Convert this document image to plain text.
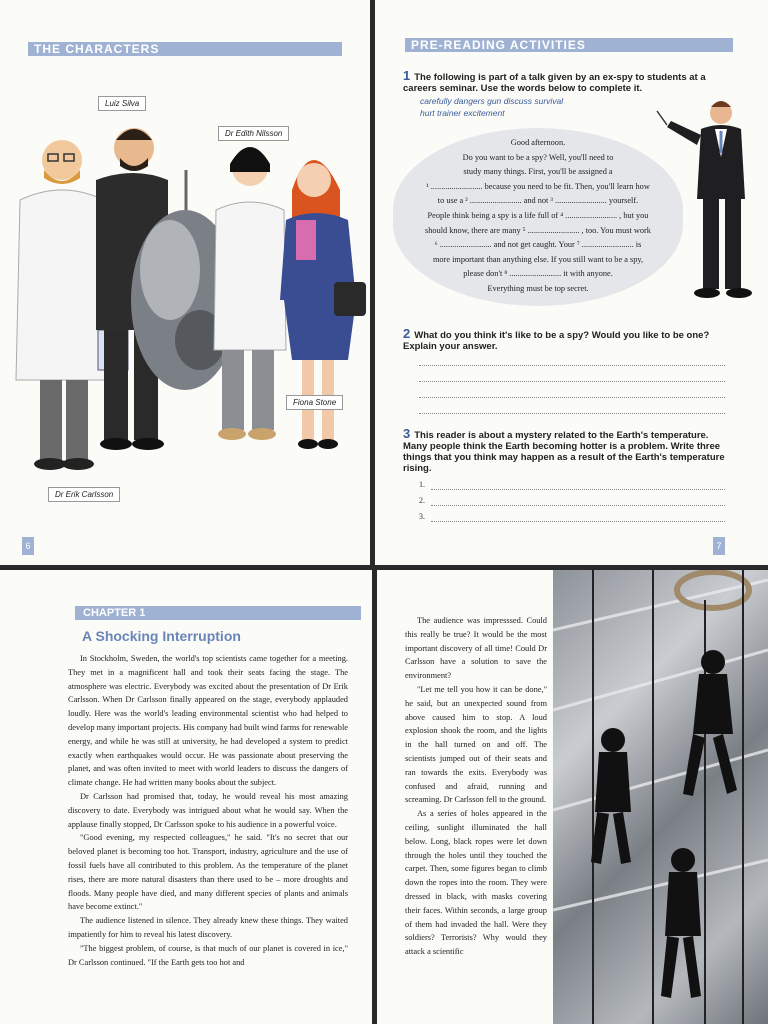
THE CHARACTERS
Luiz Silva
Dr Edith Nilsson
Fiona Stone
Dr Erik Carlsson
6
PRE-READING ACTIVITIES
1 The following is part of a talk given by an ex-spy to students at a careers seminar. Use the words below to complete it.
carefully dangers gun discuss survival
hurt trainer excitement
Good afternoon.
Do you want to be a spy? Well, you'll need to
study many things. First, you'll be assigned a
¹ ......................... because you need to be fit. Then, you'll learn how
to use a ² ......................... and not ³ ......................... yourself.
People think being a spy is a life full of ⁴ ......................... , but you
should know, there are many ⁵ ......................... , too. You must work
⁶ ......................... and not get caught. Your ⁷ ......................... is
more important than anything else. If you still want to be a spy,
please don't ⁸ ......................... it with anyone.
Everything must be top secret.
2 What do you think it's like to be a spy? Would you like to be one? Explain your answer.
3 This reader is about a mystery related to the Earth's temperature. Many people think the Earth becoming hotter is a problem. Write three things that you think may happen as a result of the Earth's temperature rising.
1.
2.
3.
7
CHAPTER 1
A Shocking Interruption

In Stockholm, Sweden, the world's top scientists came together for a meeting. They met in a magnificent hall and took their seats facing the stage. The atmosphere was electric. Everybody was excited about the presentation of Dr Erik Carlsson. When Dr Carlsson finally appeared on the stage, everybody applauded loudly. Here was the world's leading environmental scientist who had helped to develop many important projects. His company had built wind farms for renewable energy, and while he was still at university, he had developed a system to predict exactly when earthquakes would occur. He was passionate about preserving the planet, and was often invited to meet with world leaders to discuss the dangers of climate change. He had written many books about the subject.

Dr Carlsson had promised that, today, he would reveal his most amazing discovery to date. Everybody was intrigued about what he would say. When the applause finally stopped, Dr Carlsson spoke to his audience in a powerful voice.

"Good evening, my respected colleagues," he said. "It's no secret that our beloved planet is becoming too hot. Transport, industry, agriculture and the use of fossil fuels have all contributed to this problem. As the temperature of the planet rises, there are more natural disasters than there used to be – more droughts and floods. Many people have died, and many different species of plants and animals have become extinct."

The audience listened in silence. They already knew these things. They waited impatiently for him to reveal his latest discovery.

"The biggest problem, of course, is that much of our planet is covered in ice," Dr Carlsson continued. "If the Earth gets too hot and

The audience was impresssed. Could this really be true? It would be the most important discovery of all time! Could Dr Carlsson have a solution to save the environment?

"Let me tell you how it can be done," he said, but an unexpected sound from above caused him to stop. A loud explosion shook the room, and the lights in the hall turned on and off. The scientists jumped out of their seats and ran towards the exits. Everybody was confused and afraid, running and screaming. Dr Carlsson fell to the ground.

As a series of holes appeared in the ceiling, sunlight illuminated the hall below. Long, black ropes were let down through the holes until they touched the carpet. Then, some figures began to climb down the ropes into the room. They were dressed in black, with masks covering their faces. Within seconds, a large group of them had invaded the hall. Were they soldiers? Terrorists? Why would they attack a scientific
